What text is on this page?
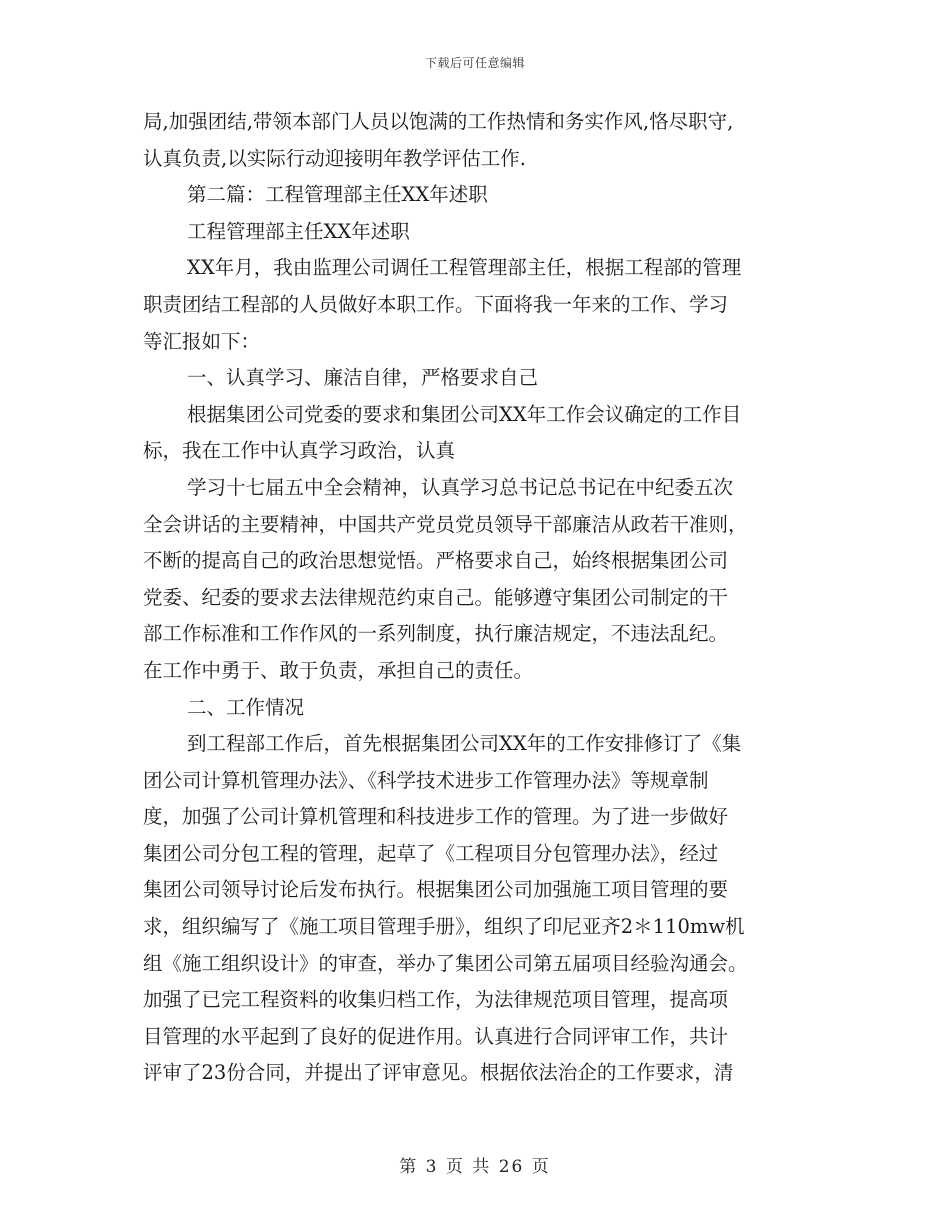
下载后可任意编辑
局,加强团结,带领本部门人员以饱满的工作热情和务实作风,恪尽职守,
认真负责,以实际行动迎接明年教学评估工作.
第二篇：工程管理部主任XX年述职
工程管理部主任XX年述职
XX年月，我由监理公司调任工程管理部主任，根据工程部的管理
职责团结工程部的人员做好本职工作。下面将我一年来的工作、学习
等汇报如下：
一、认真学习、廉洁自律，严格要求自己
根据集团公司党委的要求和集团公司XX年工作会议确定的工作目
标，我在工作中认真学习政治，认真
学习十七届五中全会精神，认真学习总书记总书记在中纪委五次
全会讲话的主要精神，中国共产党员党员领导干部廉洁从政若干准则，
不断的提高自己的政治思想觉悟。严格要求自己，始终根据集团公司
党委、纪委的要求去法律规范约束自己。能够遵守集团公司制定的干
部工作标准和工作作风的一系列制度，执行廉洁规定，不违法乱纪。
在工作中勇于、敢于负责，承担自己的责任。
二、工作情况
到工程部工作后，首先根据集团公司XX年的工作安排修订了《集
团公司计算机管理办法》、《科学技术进步工作管理办法》等规章制
度，加强了公司计算机管理和科技进步工作的管理。为了进一步做好
集团公司分包工程的管理，起草了《工程项目分包管理办法》，经过
集团公司领导讨论后发布执行。根据集团公司加强施工项目管理的要
求，组织编写了《施工项目管理手册》，组织了印尼亚齐2＊110mw机
组《施工组织设计》的审查，举办了集团公司第五届项目经验沟通会。
加强了已完工程资料的收集归档工作，为法律规范项目管理，提高项
目管理的水平起到了良好的促进作用。认真进行合同评审工作，共计
评审了23份合同，并提出了评审意见。根据依法治企的工作要求，清
第 3 页 共 26 页
